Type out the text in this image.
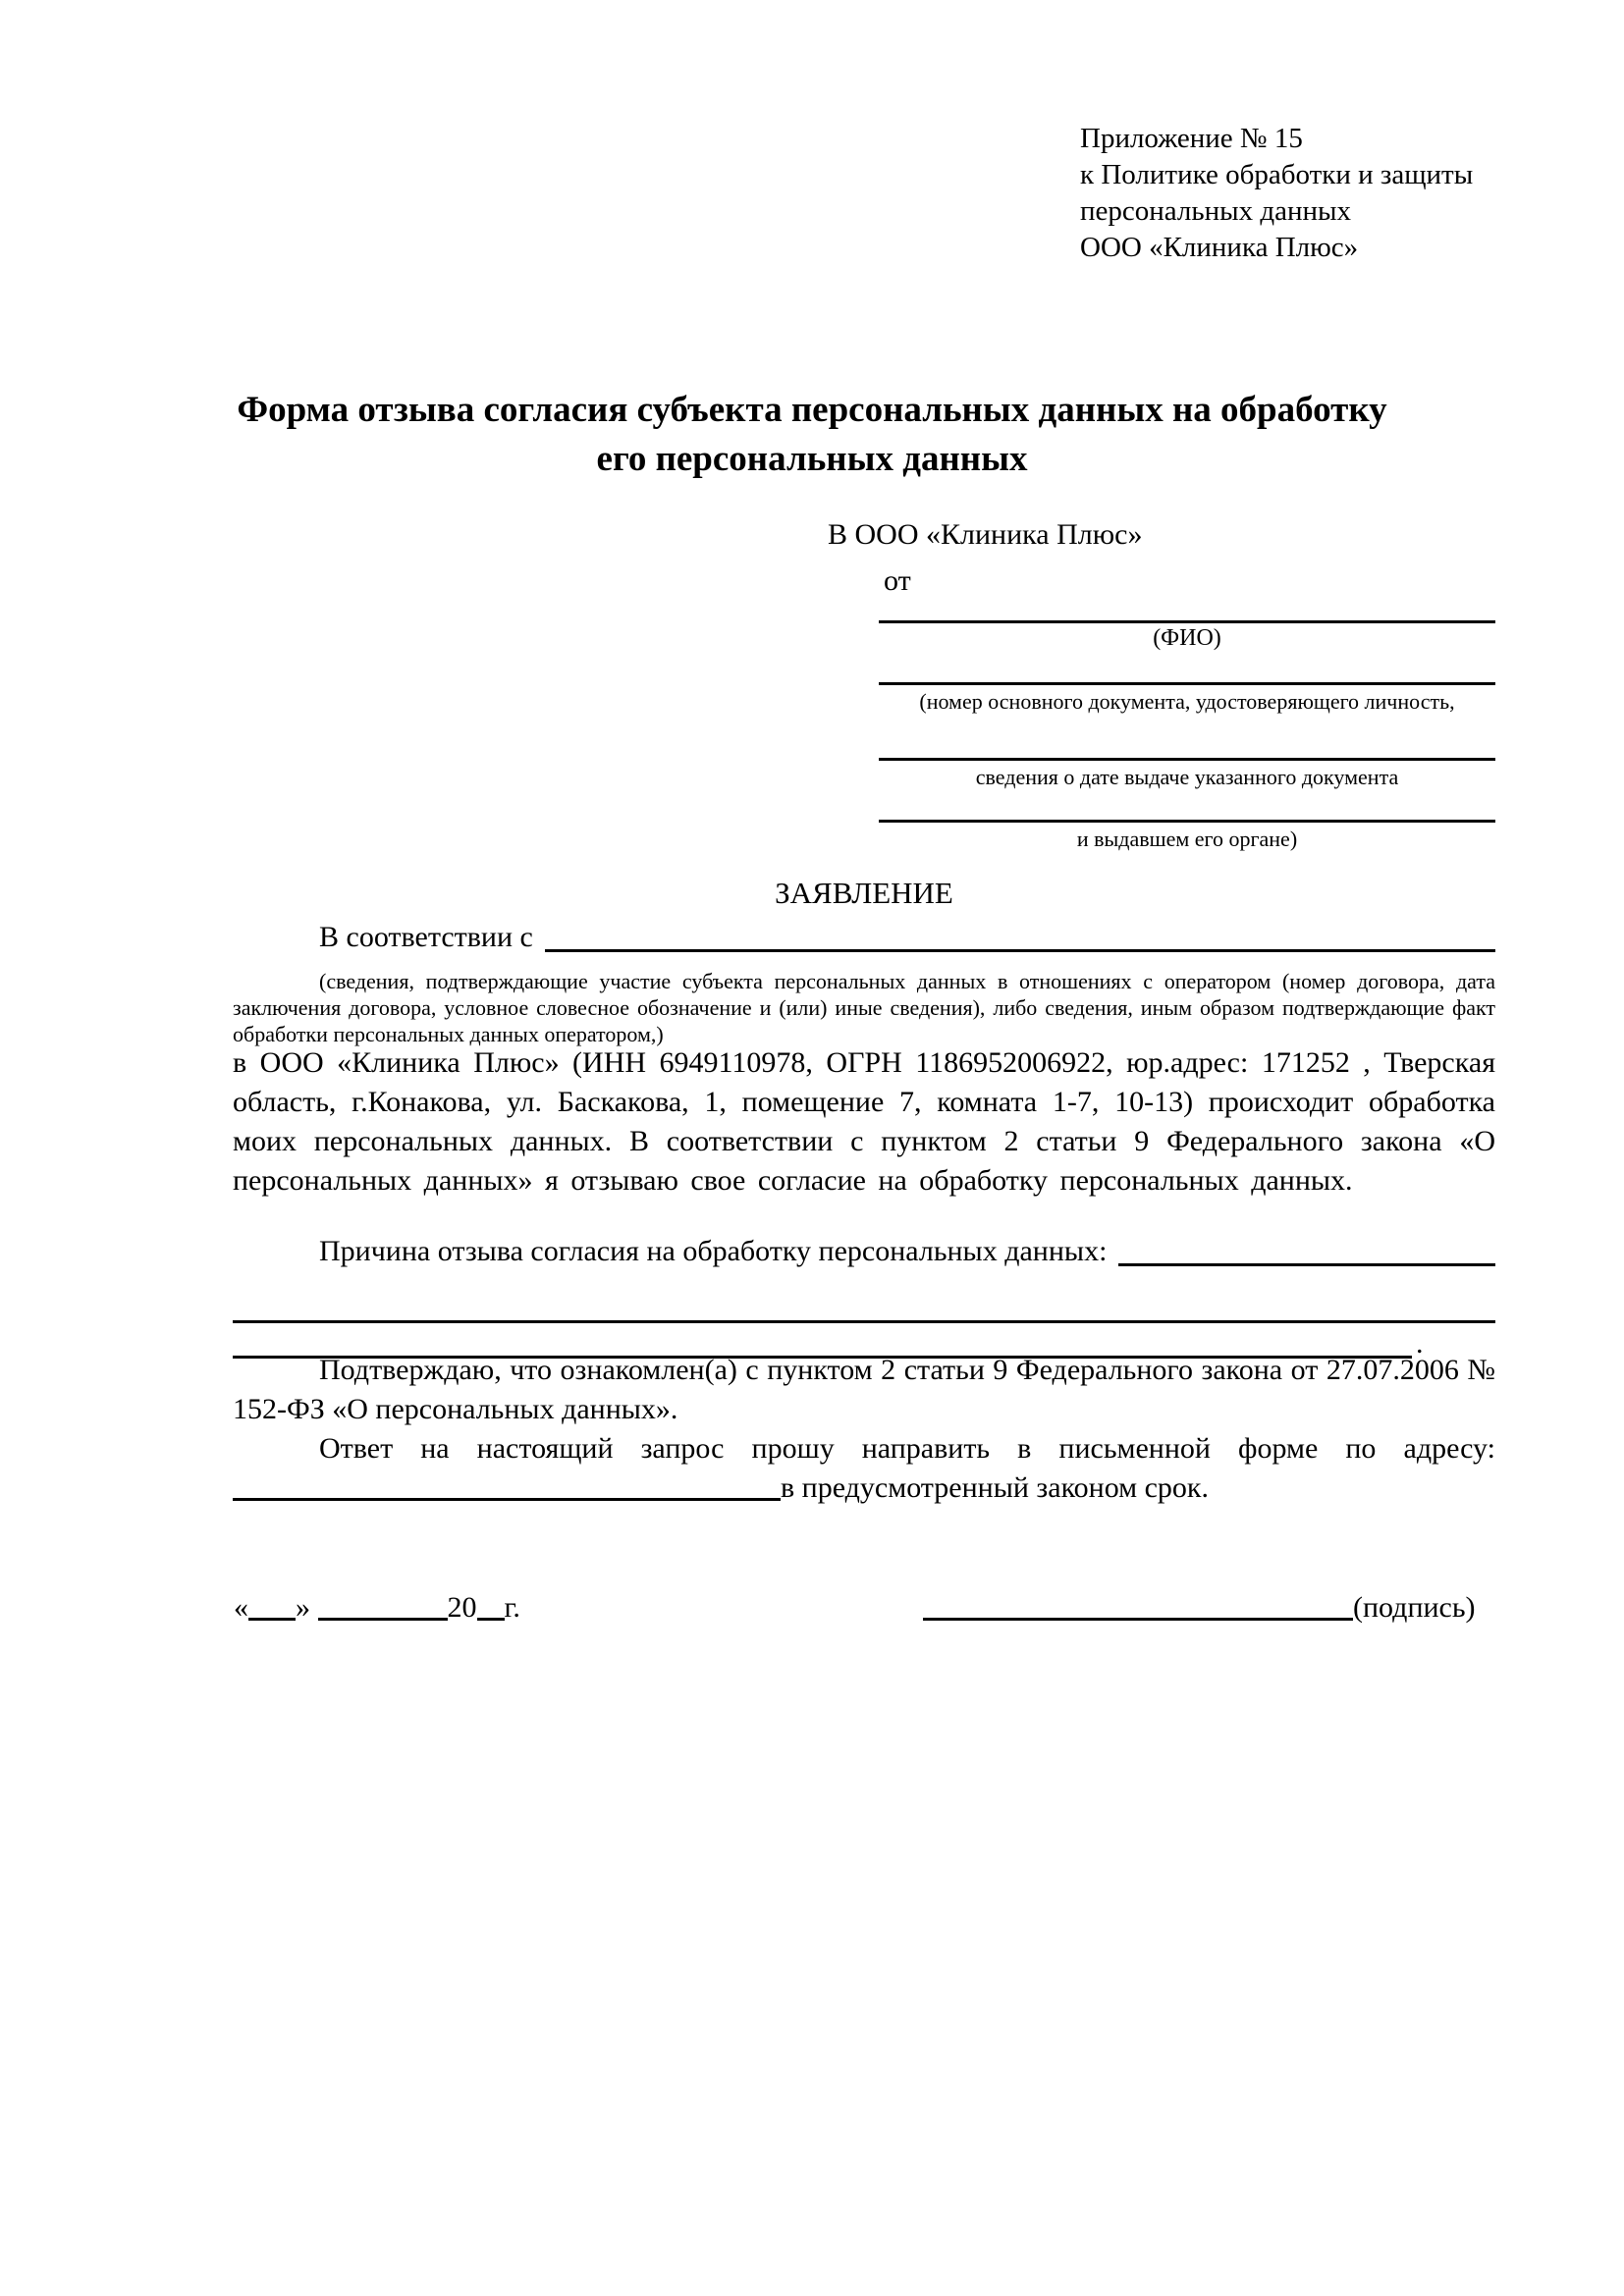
Приложение № 15
к Политике обработки и защиты
персональных данных
ООО «Клиника Плюс»
Форма отзыва согласия субъекта персональных данных на обработку
его персональных данных
В ООО «Клиника Плюс»
от
(ФИО)
(номер основного документа, удостоверяющего личность,
сведения о дате выдаче указанного документа
и выдавшем его органе)
ЗАЯВЛЕНИЕ
В соответствии с
(сведения, подтверждающие участие субъекта персональных данных в отношениях с оператором (номер договора, дата заключения договора, условное словесное обозначение и (или) иные сведения), либо сведения, иным образом подтверждающие факт обработки персональных данных оператором,)
в ООО «Клиника Плюс» (ИНН 6949110978, ОГРН 1186952006922, юр.адрес: 171252 , Тверская область, г.Конакова, ул. Баскакова, 1, помещение 7, комната 1-7, 10-13) происходит обработка моих персональных данных. В соответствии с пунктом 2 статьи 9 Федерального закона «О персональных данных» я отзываю свое согласие на обработку персональных данных.
Причина отзыва согласия на обработку персональных данных:
.
Подтверждаю, что ознакомлен(а) с пунктом 2 статьи 9 Федерального закона от 27.07.2006 № 152-ФЗ «О персональных данных».
Ответ на настоящий запрос прошу направить в письменной форме по адресу: в предусмотренный законом срок.
« »	20 г.	(подпись)
